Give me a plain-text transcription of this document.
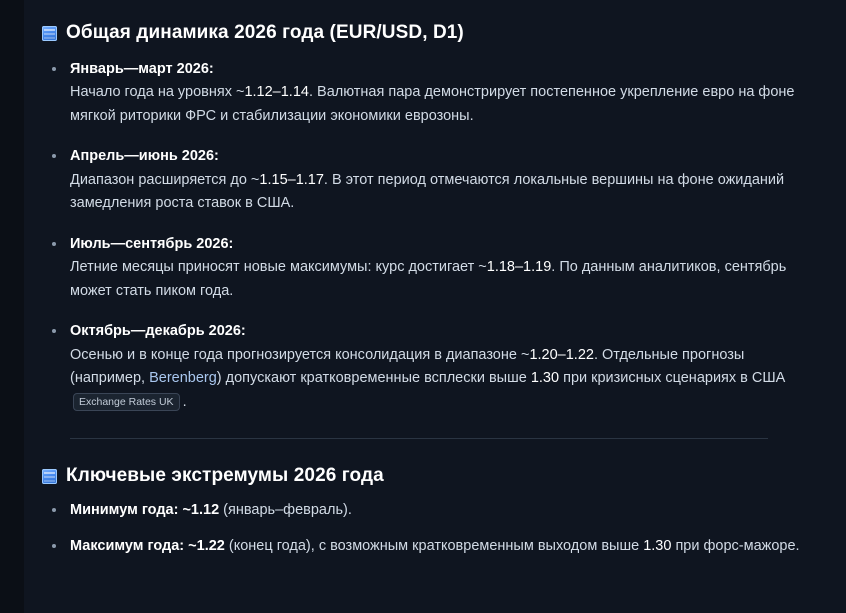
Общая динамика 2026 года (EUR/USD, D1)
Январь—март 2026:
Начало года на уровнях ~1.12–1.14. Валютная пара демонстрирует постепенное укрепление евро на фоне мягкой риторики ФРС и стабилизации экономики еврозоны.
Апрель—июнь 2026:
Диапазон расширяется до ~1.15–1.17. В этот период отмечаются локальные вершины на фоне ожиданий замедления роста ставок в США.
Июль—сентябрь 2026:
Летние месяцы приносят новые максимумы: курс достигает ~1.18–1.19. По данным аналитиков, сентябрь может стать пиком года.
Октябрь—декабрь 2026:
Осенью и в конце года прогнозируется консолидация в диапазоне ~1.20–1.22. Отдельные прогнозы (например, Berenberg) допускают кратковременные всплески выше 1.30 при кризисных сценариях в СШАExchange Rates UK .
Ключевые экстремумы 2026 года
Минимум года: ~1.12 (январь–февраль).
Максимум года: ~1.22 (конец года), с возможным кратковременным выходом выше 1.30 при форс-мажоре.
